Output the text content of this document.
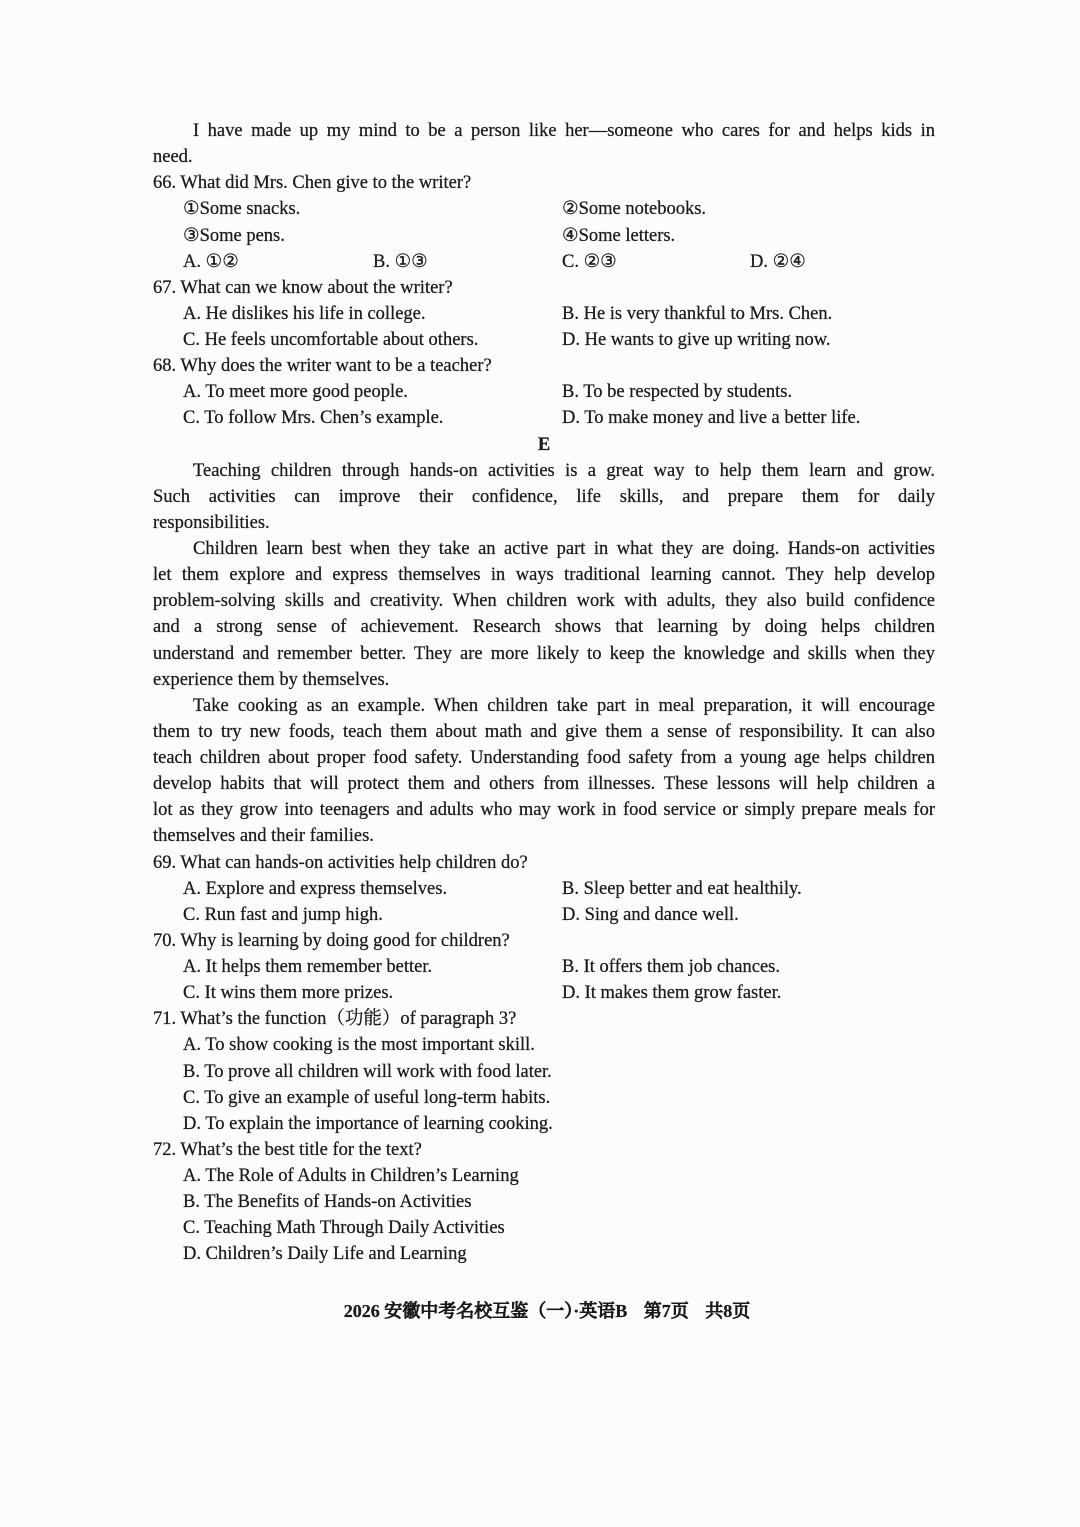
I have made up my mind to be a person like her—someone who cares for and helps kids in
need.
66. What did Mrs. Chen give to the writer?
①Some snacks.	②Some notebooks.
③Some pens.	④Some letters.
A. ①②	B. ①③	C. ②③	D. ②④
67. What can we know about the writer?
A. He dislikes his life in college.	B. He is very thankful to Mrs. Chen.
C. He feels uncomfortable about others.	D. He wants to give up writing now.
68. Why does the writer want to be a teacher?
A. To meet more good people.	B. To be respected by students.
C. To follow Mrs. Chen’s example.	D. To make money and live a better life.
E
Teaching children through hands-on activities is a great way to help them learn and grow.
Such activities can improve their confidence, life skills, and prepare them for daily
responsibilities.
Children learn best when they take an active part in what they are doing. Hands-on activities
let them explore and express themselves in ways traditional learning cannot. They help develop
problem-solving skills and creativity. When children work with adults, they also build confidence
and a strong sense of achievement. Research shows that learning by doing helps children
understand and remember better. They are more likely to keep the knowledge and skills when they
experience them by themselves.
Take cooking as an example. When children take part in meal preparation, it will encourage
them to try new foods, teach them about math and give them a sense of responsibility. It can also
teach children about proper food safety. Understanding food safety from a young age helps children
develop habits that will protect them and others from illnesses. These lessons will help children a
lot as they grow into teenagers and adults who may work in food service or simply prepare meals for
themselves and their families.
69. What can hands-on activities help children do?
A. Explore and express themselves.	B. Sleep better and eat healthily.
C. Run fast and jump high.	D. Sing and dance well.
70. Why is learning by doing good for children?
A. It helps them remember better.	B. It offers them job chances.
C. It wins them more prizes.	D. It makes them grow faster.
71. What’s the function（功能）of paragraph 3?
A. To show cooking is the most important skill.
B. To prove all children will work with food later.
C. To give an example of useful long-term habits.
D. To explain the importance of learning cooking.
72. What’s the best title for the text?
A. The Role of Adults in Children’s Learning
B. The Benefits of Hands-on Activities
C. Teaching Math Through Daily Activities
D. Children’s Daily Life and Learning
2026 安徽中考名校互鉴（一）·英语B 第7页 共8页
